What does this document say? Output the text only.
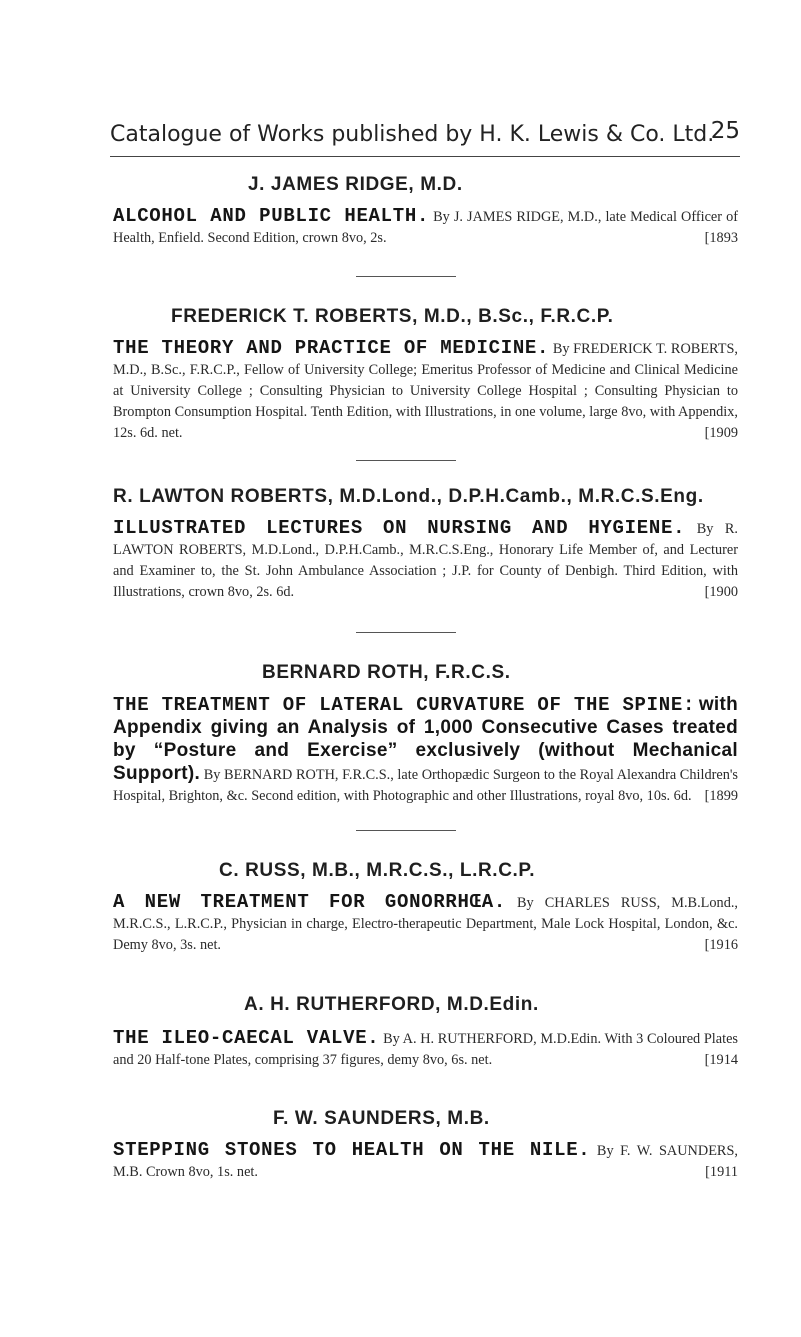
Catalogue of Works published by H. K. Lewis & Co. Ltd.
25
J. JAMES RIDGE, M.D.

ALCOHOL AND PUBLIC HEALTH. By J. JAMES RIDGE, M.D., late Medical Officer of Health, Enfield. Second Edition, crown 8vo, 2s.	[1893

FREDERICK T. ROBERTS, M.D., B.Sc., F.R.C.P.

THE THEORY AND PRACTICE OF MEDICINE. By FREDERICK T. ROBERTS, M.D., B.Sc., F.R.C.P., Fellow of University College; Emeritus Professor of Medicine and Clinical Medicine at University College ; Consulting Physician to University College Hospital ; Consulting Physician to Brompton Consumption Hospital. Tenth Edition, with Illustrations, in one volume, large 8vo, with Appendix, 12s. 6d. net.	[1909

R. LAWTON ROBERTS, M.D.Lond., D.P.H.Camb., M.R.C.S.Eng.

ILLUSTRATED LECTURES ON NURSING AND HYGIENE. By R. LAWTON ROBERTS, M.D.Lond., D.P.H.Camb., M.R.C.S.Eng., Honorary Life Member of, and Lecturer and Examiner to, the St. John Ambulance Association ; J.P. for County of Denbigh. Third Edition, with Illustrations, crown 8vo, 2s. 6d.	[1900

BERNARD ROTH, F.R.C.S.

THE TREATMENT OF LATERAL CURVATURE OF THE SPINE: with Appendix giving an Analysis of 1,000 Consecutive Cases treated by “Posture and Exercise” exclusively (without Mechanical Support). By BERNARD ROTH, F.R.C.S., late Orthopædic Surgeon to the Royal Alexandra Children's Hospital, Brighton, &c. Second edition, with Photographic and other Illustrations, royal 8vo, 10s. 6d. [1899

C. RUSS, M.B., M.R.C.S., L.R.C.P.

A NEW TREATMENT FOR GONORRHŒA. By CHARLES RUSS, M.B.Lond., M.R.C.S., L.R.C.P., Physician in charge, Electro-therapeutic Department, Male Lock Hospital, London, &c. Demy 8vo, 3s. net.	[1916

A. H. RUTHERFORD, M.D.Edin.

THE ILEO-CAECAL VALVE. By A. H. RUTHERFORD, M.D.Edin. With 3 Coloured Plates and 20 Half-tone Plates, comprising 37 figures, demy 8vo, 6s. net.	[1914

F. W. SAUNDERS, M.B.

STEPPING STONES TO HEALTH ON THE NILE. By F. W. SAUNDERS, M.B. Crown 8vo, 1s. net.	[1911
